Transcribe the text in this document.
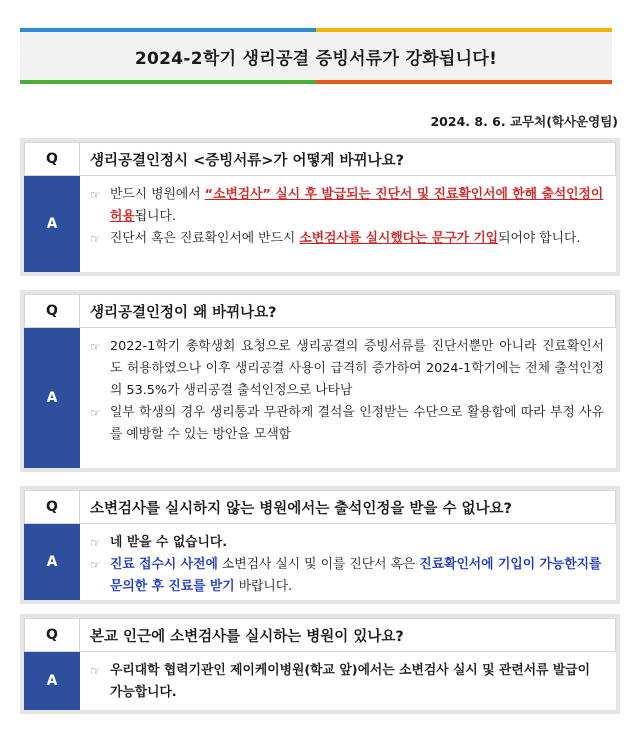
2024-2학기 생리공결 증빙서류가 강화됩니다!
2024. 8. 6. 교무처(학사운영팀)
Q	생리공결인정시 <증빙서류>가 어떻게 바뀌나요?
A
☞ 반드시 병원에서 “소변검사” 실시 후 발급되는 진단서 및 진료확인서에 한해 출석인정이 허용됩니다.
☞ 진단서 혹은 진료확인서에 반드시 소변검사를 실시했다는 문구가 기입되어야 합니다.
Q	생리공결인정이 왜 바뀌나요?
A
☞ 2022-1학기 총학생회 요청으로 생리공결의 증빙서류를 진단서뿐만 아니라 진료확인서도 허용하였으나 이후 생리공결 사용이 급격히 증가하여 2024-1학기에는 전체 출석인정의 53.5%가 생리공결 출석인정으로 나타남
☞ 일부 학생의 경우 생리통과 무관하게 결석을 인정받는 수단으로 활용함에 따라 부정 사유를 예방할 수 있는 방안을 모색함
Q	소변검사를 실시하지 않는 병원에서는 출석인정을 받을 수 없나요?
A
☞ 네 받을 수 없습니다.
☞ 진료 접수시 사전에 소변검사 실시 및 이를 진단서 혹은 진료확인서에 기입이 가능한지를 문의한 후 진료를 받기 바랍니다.
Q	본교 인근에 소변검사를 실시하는 병원이 있나요?
A
☞ 우리대학 협력기관인 제이케이병원(학교 앞)에서는 소변검사 실시 및 관련서류 발급이 가능합니다.
